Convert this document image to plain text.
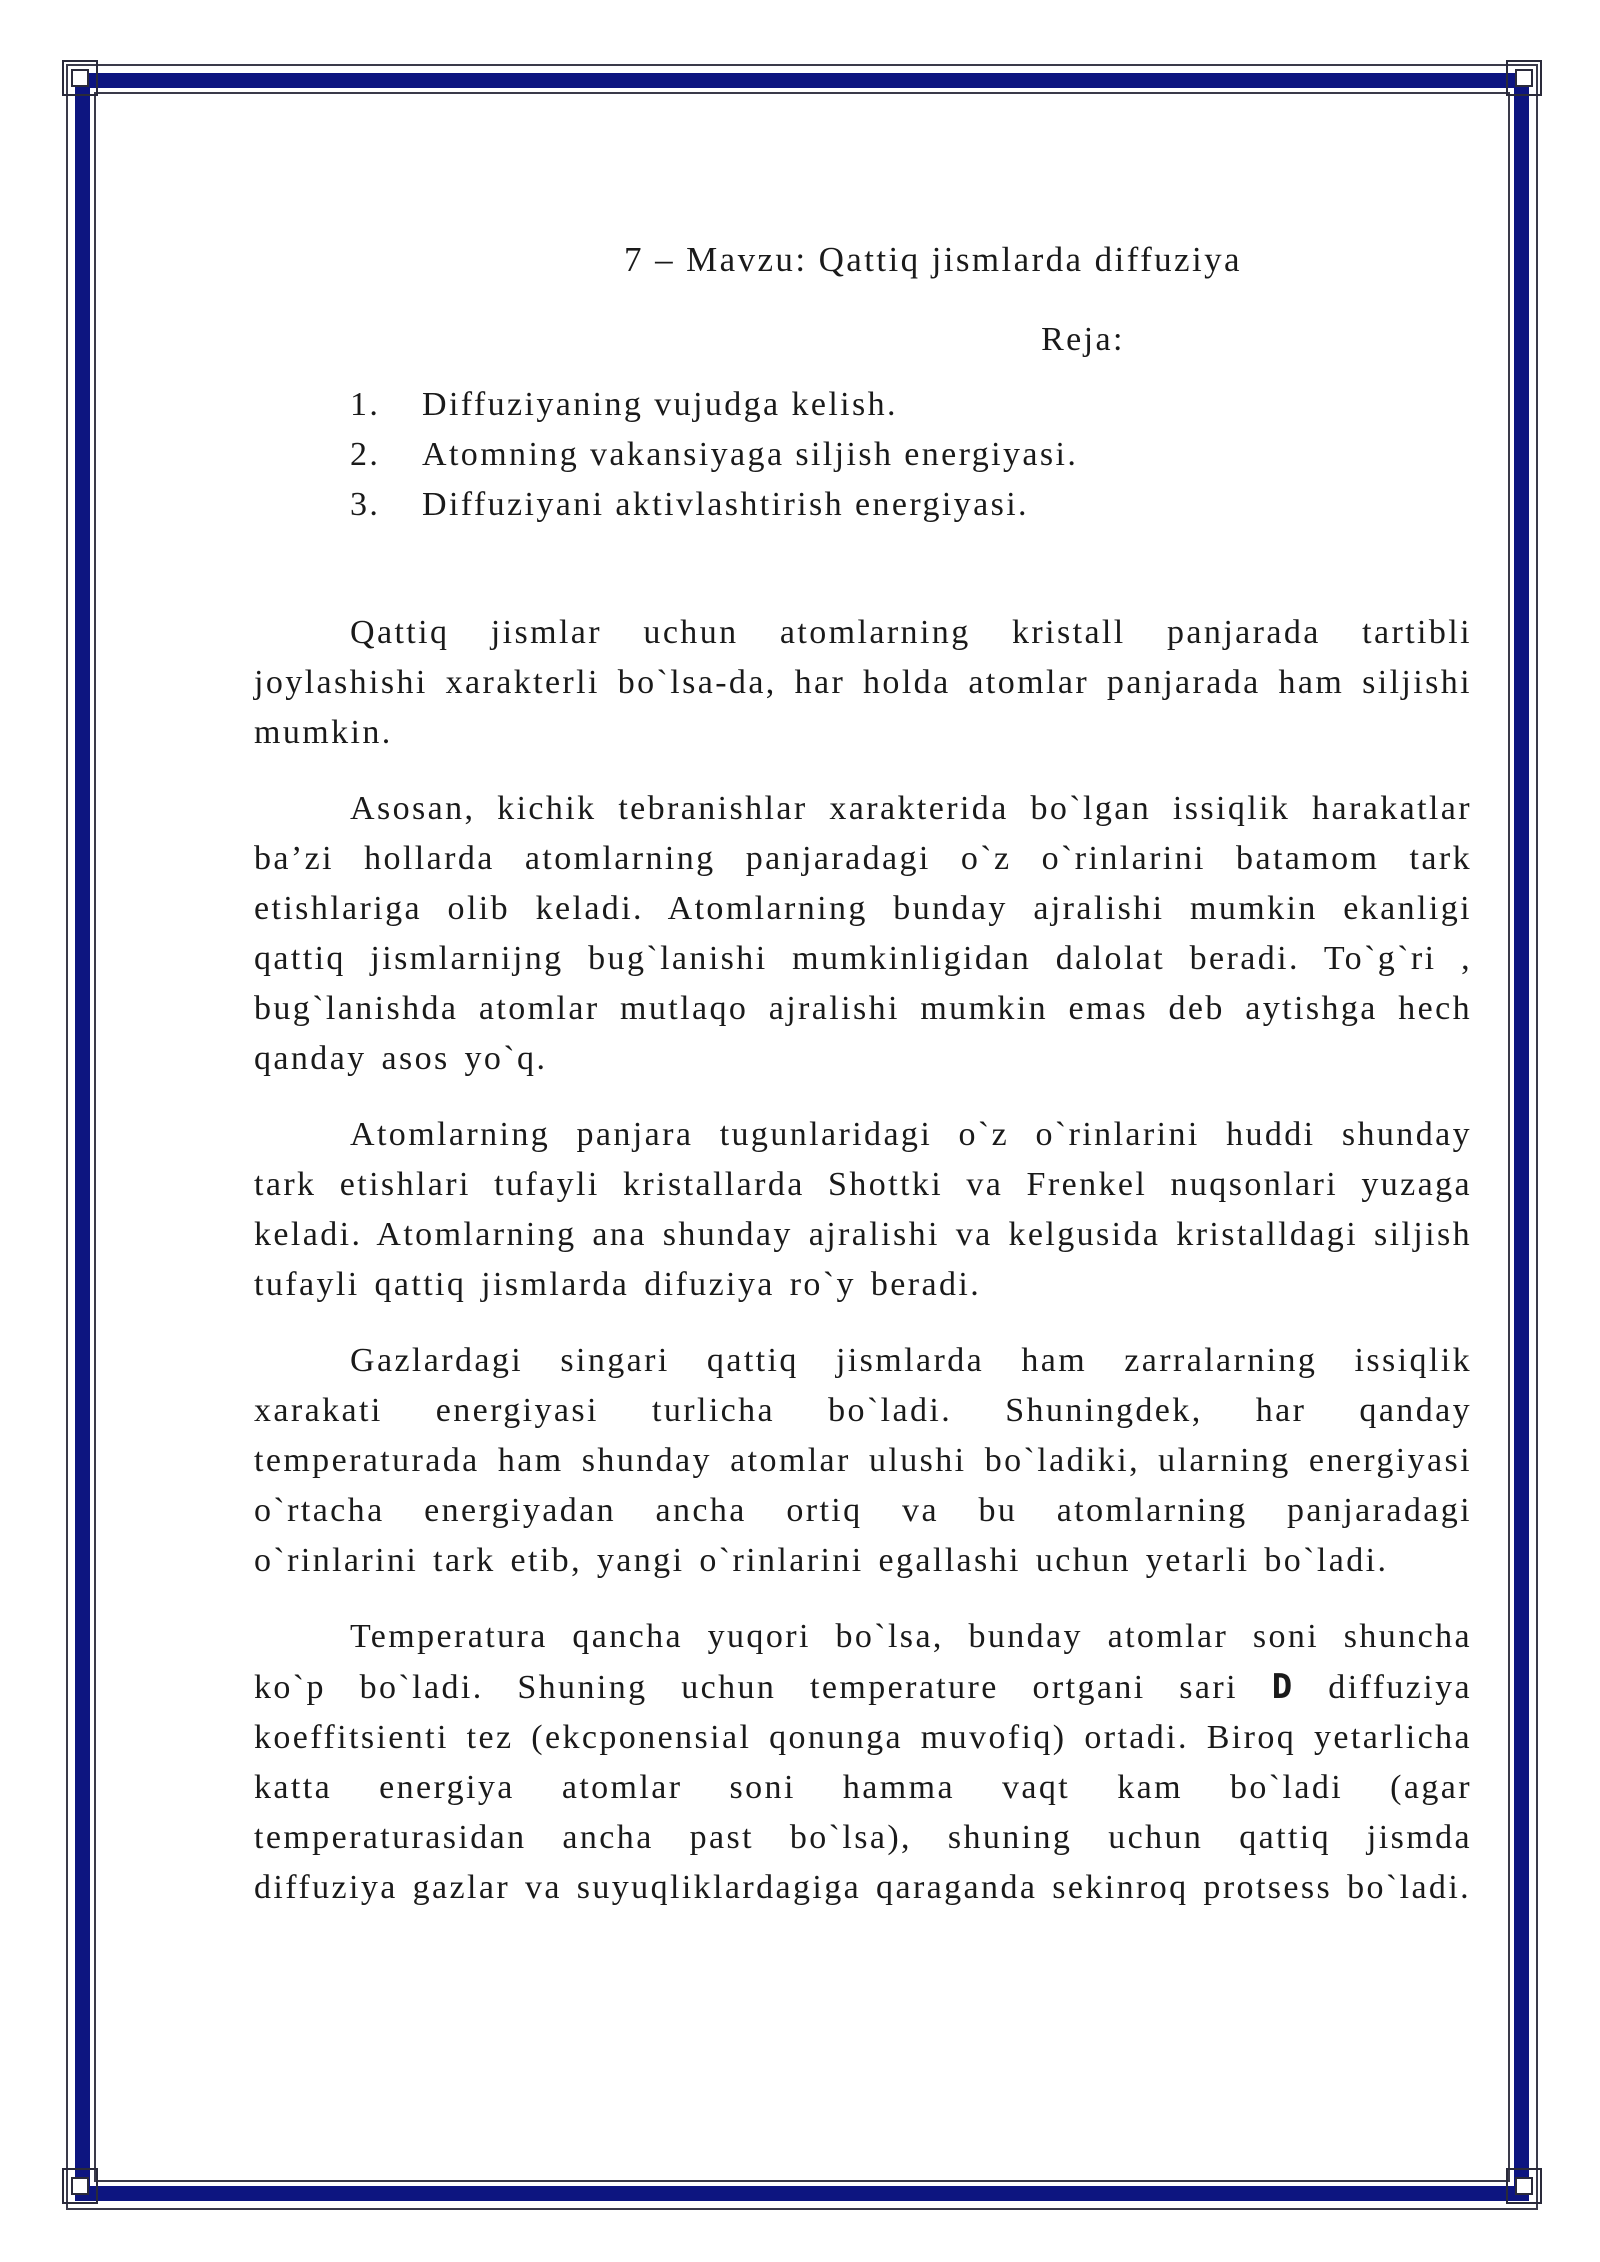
7 – Mavzu: Qattiq jismlarda diffuziya
Reja:
1.	Diffuziyaning vujudga kelish.
2.	Atomning vakansiyaga siljish energiyasi.
3.	Diffuziyani aktivlashtirish energiyasi.

Qattiq jismlar uchun atomlarning kristall panjarada tartibli joylashishi xarakterli bo`lsa-da, har holda atomlar panjarada ham siljishi mumkin.

Asosan, kichik tebranishlar xarakterida bo`lgan issiqlik harakatlar ba’zi hollarda atomlarning panjaradagi o`z o`rinlarini batamom tark etishlariga olib keladi. Atomlarning bunday ajralishi mumkin ekanligi qattiq jismlarnijng bug`lanishi mumkinligidan dalolat beradi. To`g`ri , bug`lanishda atomlar mutlaqo ajralishi mumkin emas deb aytishga hech qanday asos yo`q.

Atomlarning panjara tugunlaridagi o`z o`rinlarini huddi shunday tark etishlari tufayli kristallarda Shottki va Frenkel nuqsonlari yuzaga keladi. Atomlarning ana shunday ajralishi va kelgusida kristalldagi siljish tufayli qattiq jismlarda difuziya ro`y beradi.

Gazlardagi singari qattiq jismlarda ham zarralarning issiqlik xarakati energiyasi turlicha bo`ladi. Shuningdek, har qanday temperaturada ham shunday atomlar ulushi bo`ladiki, ularning energiyasi o`rtacha energiyadan ancha ortiq va bu atomlarning panjaradagi o`rinlarini tark etib, yangi o`rinlarini egallashi uchun yetarli bo`ladi.

Temperatura qancha yuqori bo`lsa, bunday atomlar soni shuncha ko`p bo`ladi. Shuning uchun temperature ortgani sari D diffuziya koeffitsienti tez (ekcponensial qonunga muvofiq) ortadi. Biroq yetarlicha katta energiya atomlar soni hamma vaqt kam bo`ladi (agar temperaturasidan ancha past bo`lsa), shuning uchun qattiq jismda diffuziya gazlar va suyuqliklardagiga qaraganda sekinroq protsess bo`ladi.
